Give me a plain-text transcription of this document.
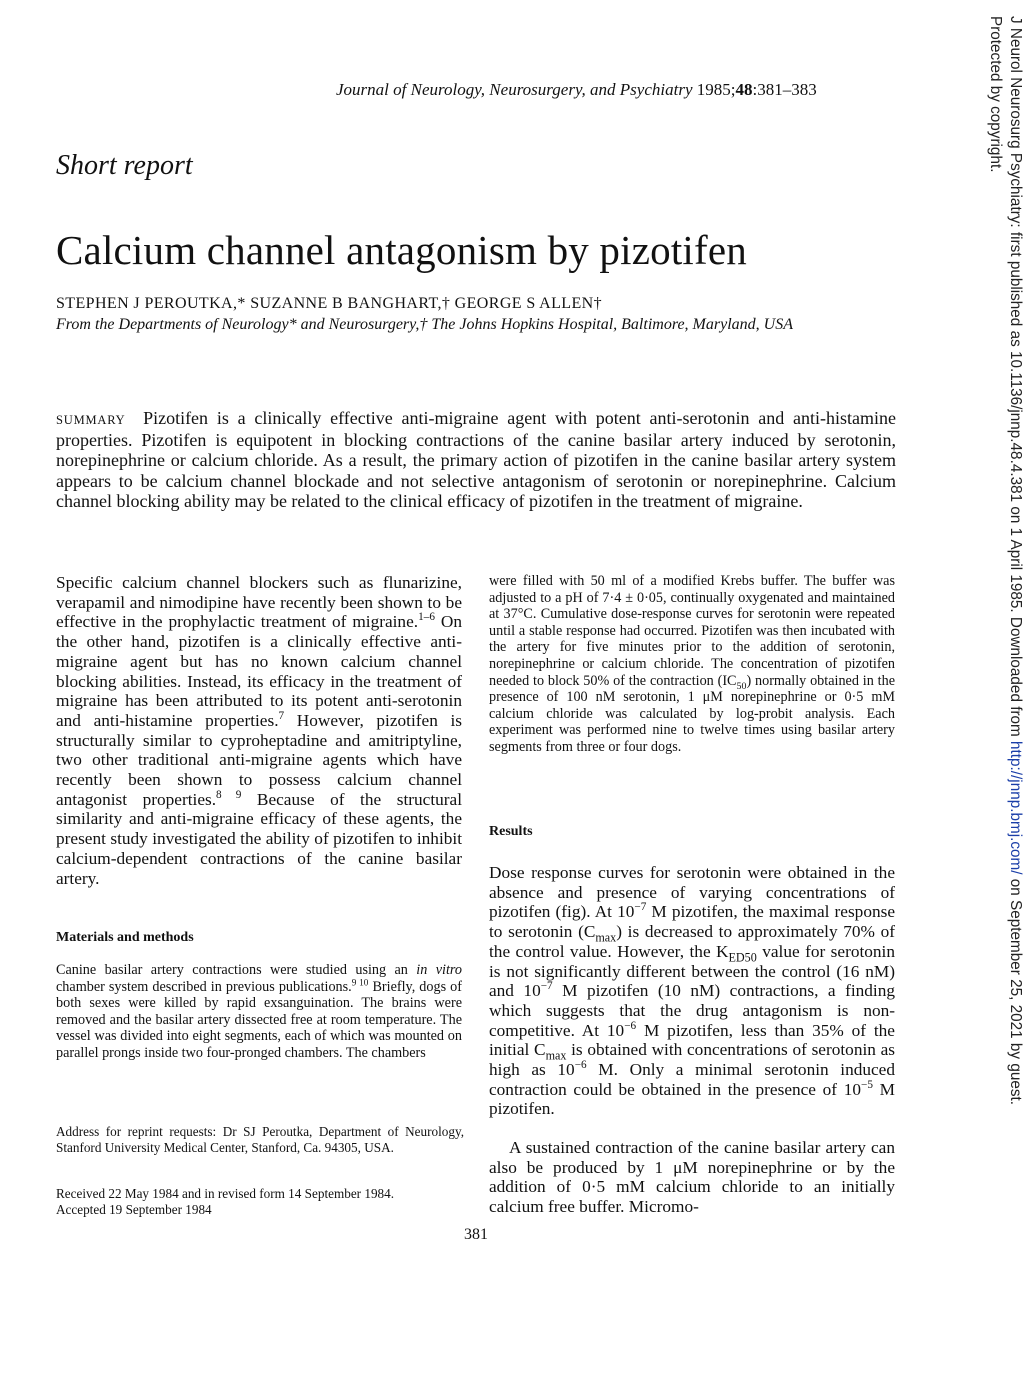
Journal of Neurology, Neurosurgery, and Psychiatry 1985;48:381–383
Short report
Calcium channel antagonism by pizotifen
STEPHEN J PEROUTKA,* SUZANNE B BANGHART,† GEORGE S ALLEN†
From the Departments of Neurology* and Neurosurgery,† The Johns Hopkins Hospital, Baltimore, Maryland, USA
SUMMARY Pizotifen is a clinically effective anti-migraine agent with potent anti-serotonin and anti-histamine properties. Pizotifen is equipotent in blocking contractions of the canine basilar artery induced by serotonin, norepinephrine or calcium chloride. As a result, the primary action of pizotifen in the canine basilar artery system appears to be calcium channel blockade and not selective antagonism of serotonin or norepinephrine. Calcium channel blocking ability may be related to the clinical efficacy of pizotifen in the treatment of migraine.
Specific calcium channel blockers such as flunarizine, verapamil and nimodipine have recently been shown to be effective in the prophylactic treatment of migraine.$^{1-6}$ On the other hand, pizotifen is a clinically effective anti-migraine agent but has no known calcium channel blocking abilities. Instead, its efficacy in the treatment of migraine has been attributed to its potent anti-serotonin and anti-histamine properties.$^7$ However, pizotifen is structurally similar to cyproheptadine and amitriptyline, two other traditional anti-migraine agents which have recently been shown to possess calcium channel antagonist properties.$^{8 9}$ Because of the structural similarity and anti-migraine efficacy of these agents, the present study investigated the ability of pizotifen to inhibit calcium-dependent contractions of the canine basilar artery.
Materials and methods
Canine basilar artery contractions were studied using an in vitro chamber system described in previous publications.$^{9 10}$ Briefly, dogs of both sexes were killed by rapid exsanguination. The brains were removed and the basilar artery dissected free at room temperature. The vessel was divided into eight segments, each of which was mounted on parallel prongs inside two four-pronged chambers. The chambers
Address for reprint requests: Dr SJ Peroutka, Department of Neurology, Stanford University Medical Center, Stanford, Ca. 94305, USA.
Received 22 May 1984 and in revised form 14 September 1984.
Accepted 19 September 1984
were filled with 50 ml of a modified Krebs buffer. The buffer was adjusted to a pH of 7·4 ± 0·05, continually oxygenated and maintained at 37°C. Cumulative dose-response curves for serotonin were repeated until a stable response had occurred. Pizotifen was then incubated with the artery for five minutes prior to the addition of serotonin, norepinephrine or calcium chloride. The concentration of pizotifen needed to block 50% of the contraction $(IC_{50})$ normally obtained in the presence of 100 nM serotonin, 1 μM norepinephrine or 0·5 mM calcium chloride was calculated by log-probit analysis. Each experiment was performed nine to twelve times using basilar artery segments from three or four dogs.
Results
Dose response curves for serotonin were obtained in the absence and presence of varying concentrations of pizotifen (fig). At $10^{-7}$ M pizotifen, the maximal response to serotonin $(C_{max})$ is decreased to approximately 70% of the control value. However, the $K_{ED50}$ value for serotonin is not significantly different between the control (16 nM) and $10^{-7}$ M pizotifen (10 nM) contractions, a finding which suggests that the drug antagonism is non-competitive. At $10^{-6}$ M pizotifen, less than 35% of the initial $C_{max}$ is obtained with concentrations of serotonin as high as $10^{-6}$ M. Only a minimal serotonin induced contraction could be obtained in the presence of $10^{-5}$ M pizotifen.
A sustained contraction of the canine basilar artery can also be produced by 1 μM norepinephrine or by the addition of 0·5 mM calcium chloride to an initially calcium free buffer. Micromo-
381
J Neurol Neurosurg Psychiatry: first published as 10.1136/jnnp.48.4.381 on 1 April 1985. Downloaded from http://jnnp.bmj.com/ on September 25, 2021 by guest.
Protected by copyright.
